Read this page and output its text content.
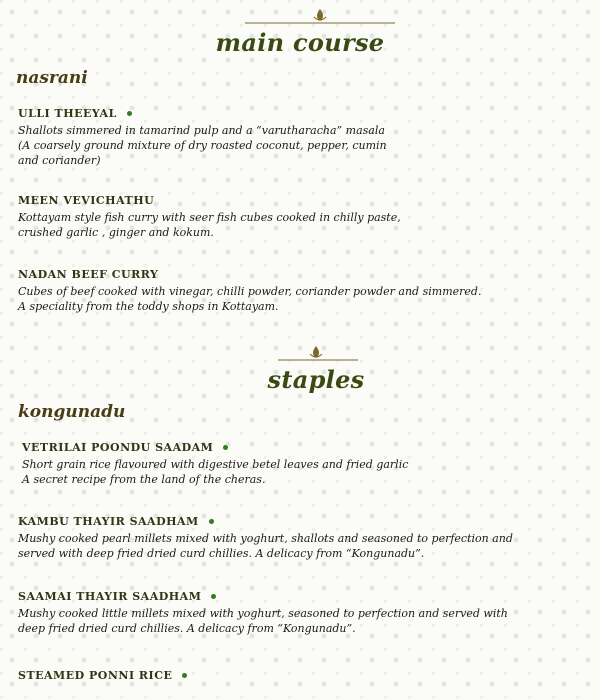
main course
nasrani
ULLI THEEYAL
Shallots simmered in tamarind pulp and a “varutharacha” masala
(A coarsely ground mixture of dry roasted coconut, pepper, cumin
and coriander)
MEEN VEVICHATHU
Kottayam style fish curry with seer fish cubes cooked in chilly paste,
crushed garlic , ginger and kokum.
NADAN BEEF CURRY
Cubes of beef cooked with vinegar, chilli powder, coriander powder and simmered.
A speciality from the toddy shops in Kottayam.
staples
kongunadu
VETRILAI POONDU SAADAM
Short grain rice flavoured with digestive betel leaves and fried garlic
A secret recipe from the land of the cheras.
KAMBU THAYIR SAADHAM
Mushy cooked pearl millets mixed with yoghurt, shallots and seasoned to perfection and
served with deep fried dried curd chillies. A delicacy from “Kongunadu”.
SAAMAI THAYIR SAADHAM
Mushy cooked little millets mixed with yoghurt, seasoned to perfection and served with
deep fried dried curd chillies. A delicacy from “Kongunadu”.
STEAMED PONNI RICE
